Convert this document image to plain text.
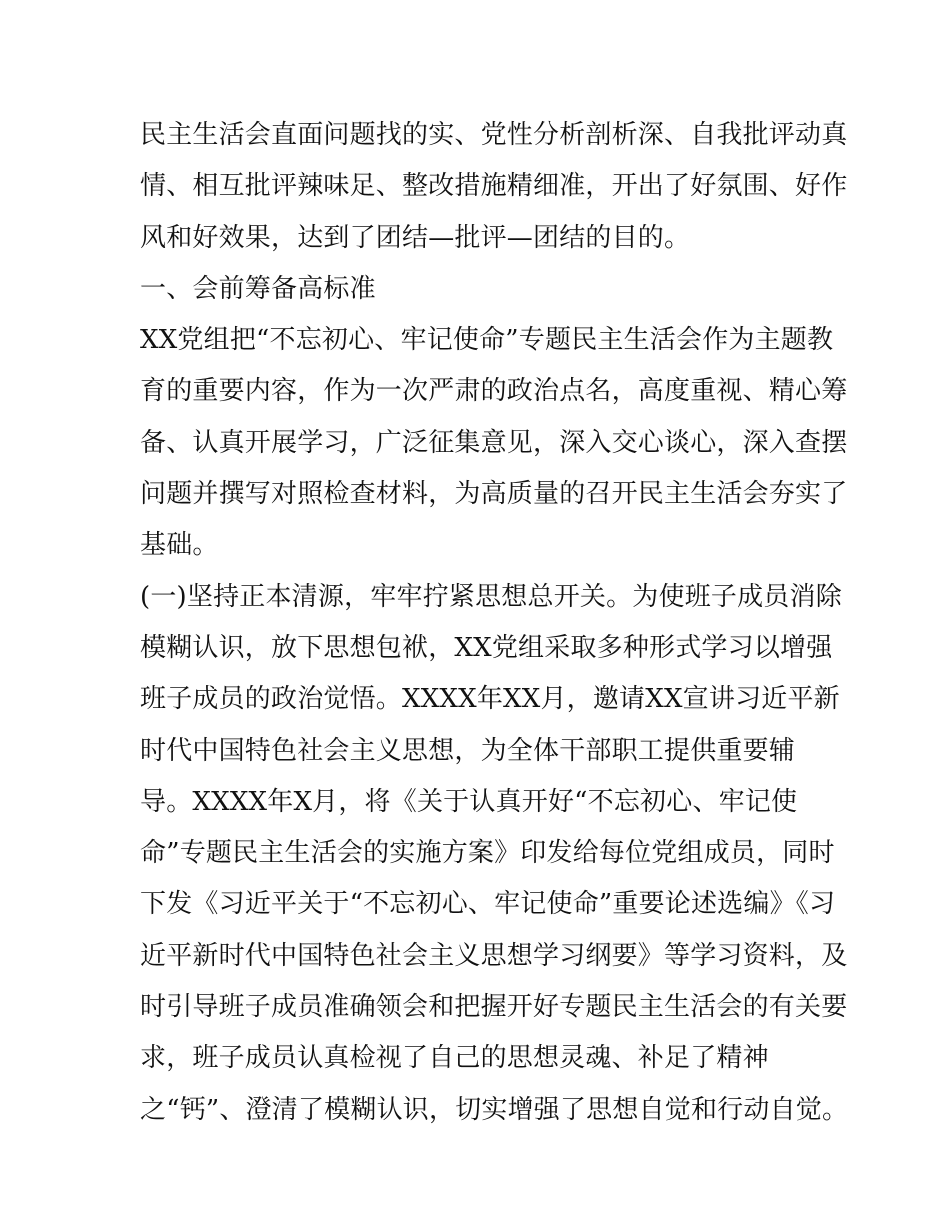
民主生活会直面问题找的实、党性分析剖析深、自我批评动真
情、相互批评辣味足、整改措施精细准，开出了好氛围、好作
风和好效果，达到了团结—批评—团结的目的。
一、会前筹备高标准
XX党组把“不忘初心、牢记使命”专题民主生活会作为主题教
育的重要内容，作为一次严肃的政治点名，高度重视、精心筹
备、认真开展学习，广泛征集意见，深入交心谈心，深入查摆
问题并撰写对照检查材料，为高质量的召开民主生活会夯实了
基础。
(一)坚持正本清源，牢牢拧紧思想总开关。为使班子成员消除
模糊认识，放下思想包袱，XX党组采取多种形式学习以增强
班子成员的政治觉悟。XXXX年XX月，邀请XX宣讲习近平新
时代中国特色社会主义思想，为全体干部职工提供重要辅
导。XXXX年X月，将《关于认真开好“不忘初心、牢记使
命”专题民主生活会的实施方案》印发给每位党组成员，同时
下发《习近平关于“不忘初心、牢记使命”重要论述选编》《习
近平新时代中国特色社会主义思想学习纲要》等学习资料，及
时引导班子成员准确领会和把握开好专题民主生活会的有关要
求，班子成员认真检视了自己的思想灵魂、补足了精神
之“钙”、澄清了模糊认识，切实增强了思想自觉和行动自觉。
